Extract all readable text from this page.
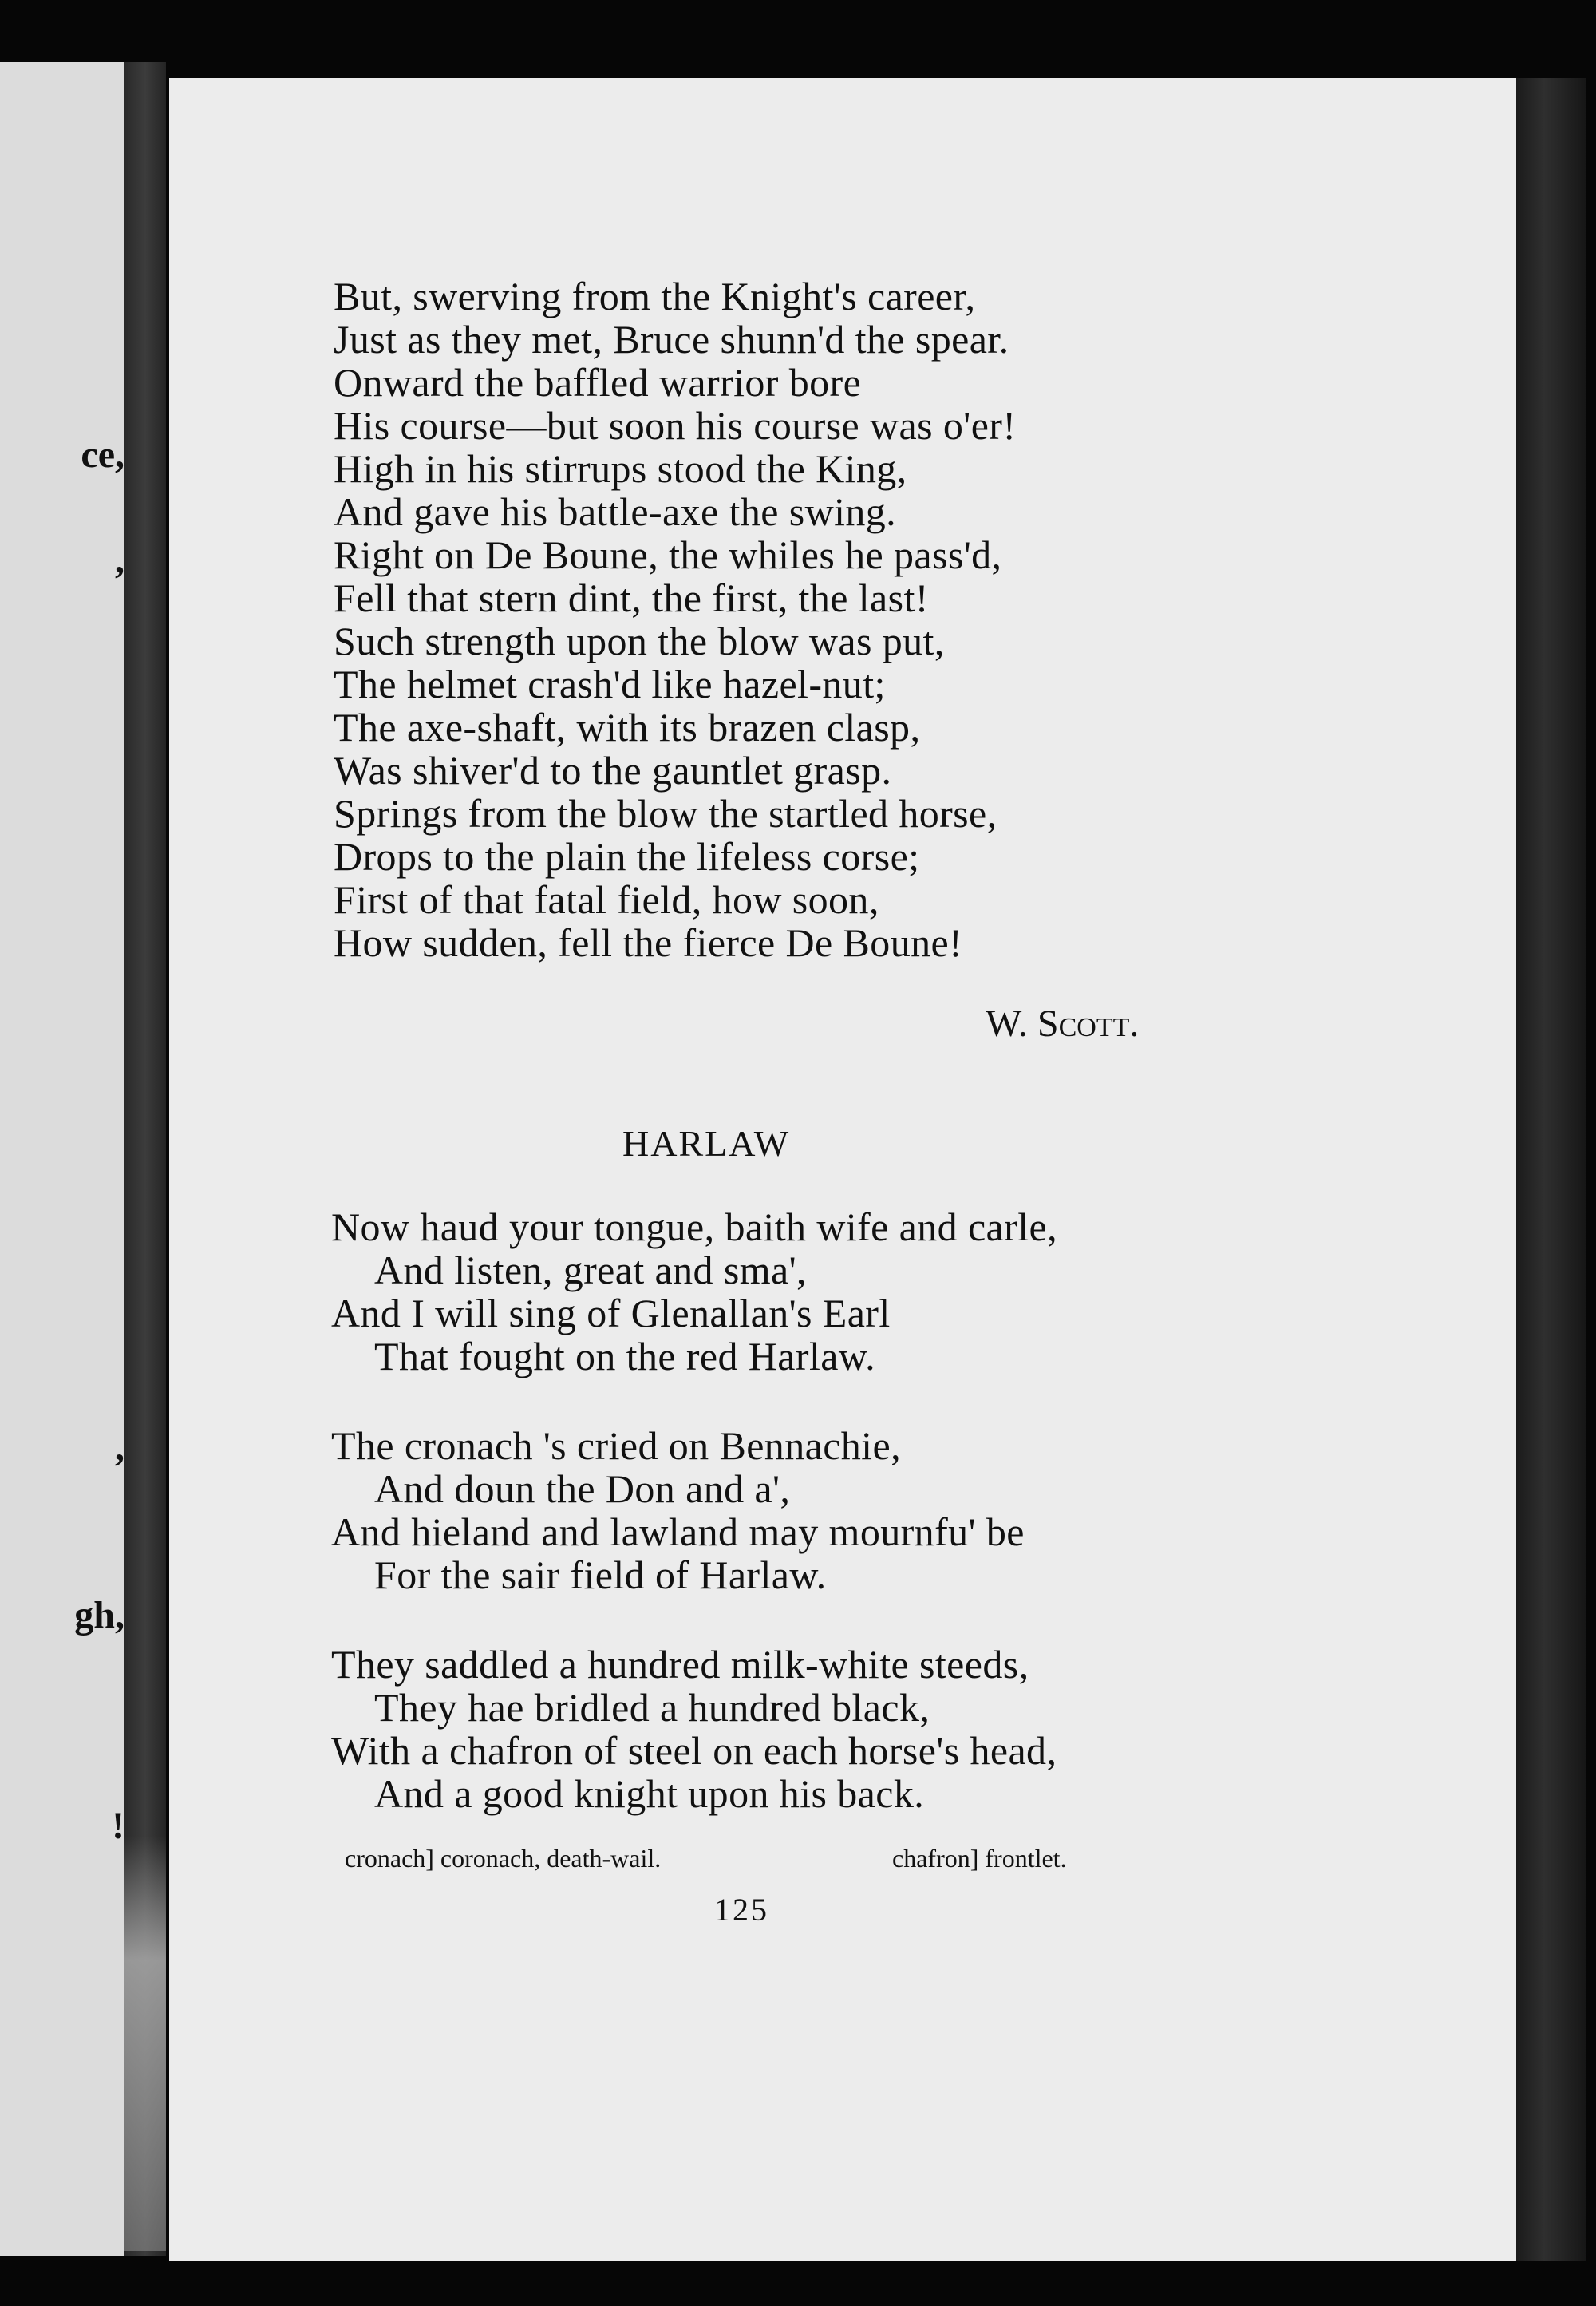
ce,
,
,
gh,
!
But, swerving from the Knight's career,
Just as they met, Bruce shunn'd the spear.
Onward the baffled warrior bore
His course—but soon his course was o'er!
High in his stirrups stood the King,
And gave his battle-axe the swing.
Right on De Boune, the whiles he pass'd,
Fell that stern dint, the first, the last!
Such strength upon the blow was put,
The helmet crash'd like hazel-nut;
The axe-shaft, with its brazen clasp,
Was shiver'd to the gauntlet grasp.
Springs from the blow the startled horse,
Drops to the plain the lifeless corse;
First of that fatal field, how soon,
How sudden, fell the fierce De Boune!
W. Scott.
HARLAW
Now haud your tongue, baith wife and carle,
And listen, great and sma',
And I will sing of Glenallan's Earl
That fought on the red Harlaw.
The cronach 's cried on Bennachie,
And doun the Don and a',
And hieland and lawland may mournfu' be
For the sair field of Harlaw.
They saddled a hundred milk-white steeds,
They hae bridled a hundred black,
With a chafron of steel on each horse's head,
And a good knight upon his back.
cronach] coronach, death-wail.	chafron] frontlet.
125
